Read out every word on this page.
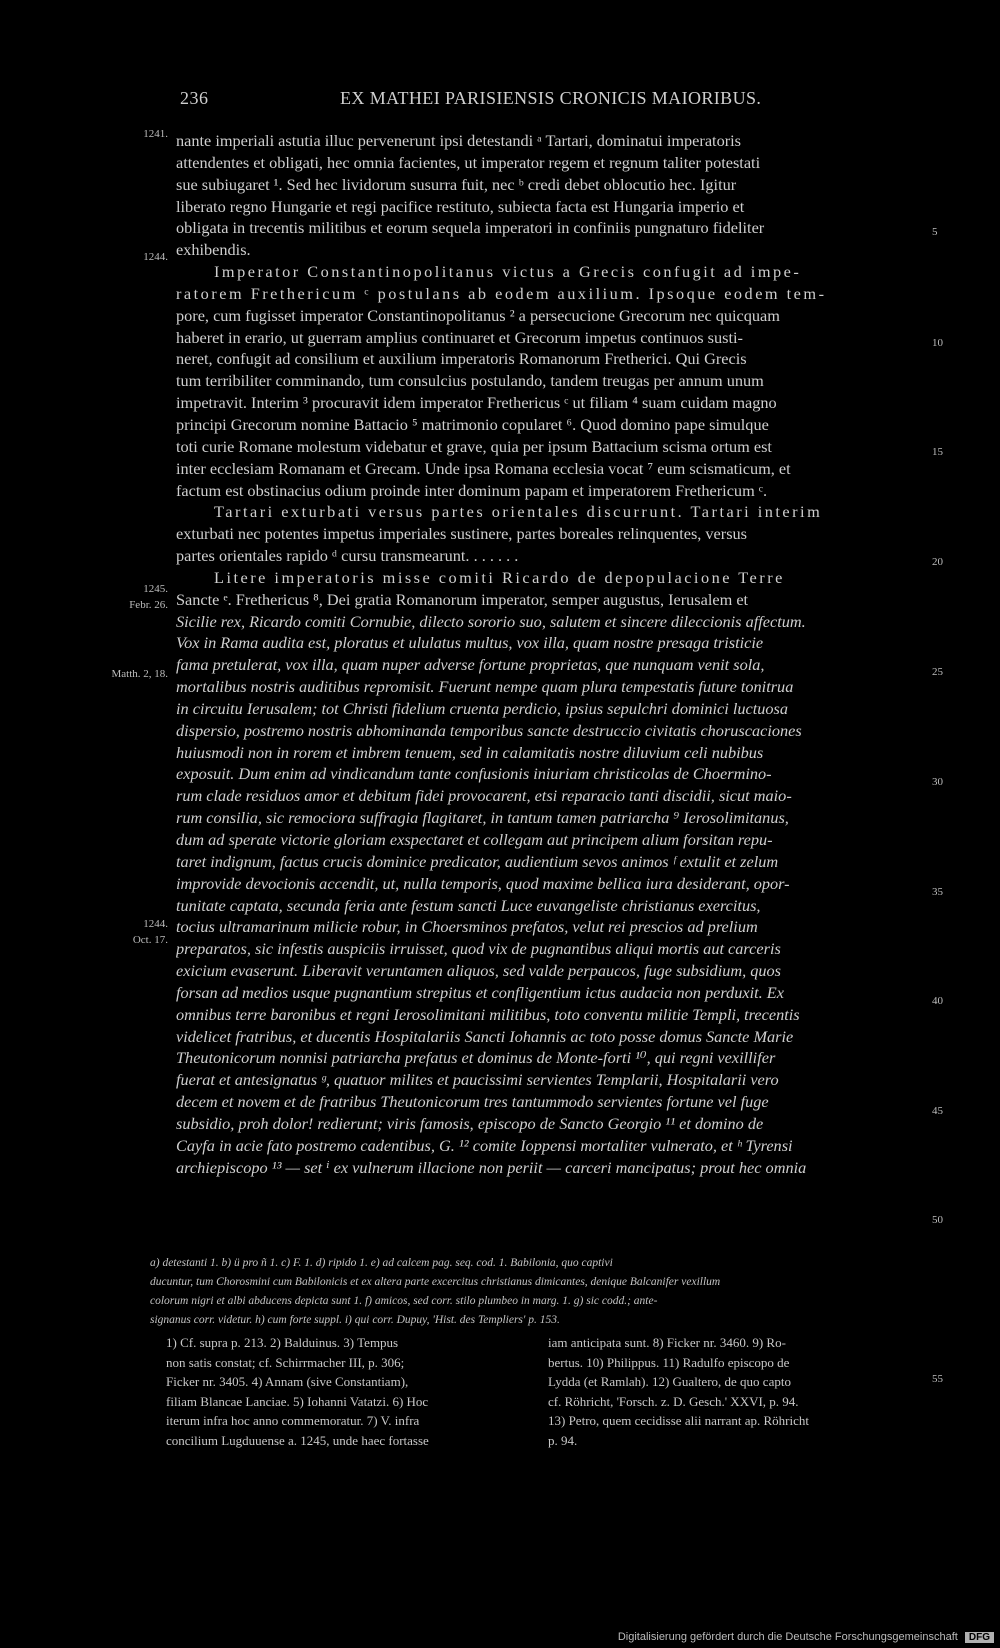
236	EX MATHEI PARISIENSIS CRONICIS MAIORIBUS.
1241.
1244.
1245.
Febr. 26.
Matth. 2, 18.
1244.
Oct. 17.
5
10
15
20
25
30
35
40
45
50
55
nante imperiali astutia illuc pervenerunt ipsi detestandi ᵃ Tartari, dominatui imperatoris
attendentes et obligati, hec omnia facientes, ut imperator regem et regnum taliter potestati
sue subiugaret ¹. Sed hec lividorum susurra fuit, nec ᵇ credi debet oblocutio hec. Igitur
liberato regno Hungarie et regi pacifice restituto, subiecta facta est Hungaria imperio et
obligata in trecentis militibus et eorum sequela imperatori in confiniis pungnaturo fideliter
exhibendis.
Imperator Constantinopolitanus victus a Grecis confugit ad impe-
ratorem Frethericum ᶜ postulans ab eodem auxilium. Ipsoque eodem tem-
pore, cum fugisset imperator Constantinopolitanus ² a persecucione Grecorum nec quicquam
haberet in erario, ut guerram amplius continuaret et Grecorum impetus continuos susti-
neret, confugit ad consilium et auxilium imperatoris Romanorum Fretherici. Qui Grecis
tum terribiliter comminando, tum consulcius postulando, tandem treugas per annum unum
impetravit. Interim ³ procuravit idem imperator Frethericus ᶜ ut filiam ⁴ suam cuidam magno
principi Grecorum nomine Battacio ⁵ matrimonio copularet ⁶. Quod domino pape simulque
toti curie Romane molestum videbatur et grave, quia per ipsum Battacium scisma ortum est
inter ecclesiam Romanam et Grecam. Unde ipsa Romana ecclesia vocat ⁷ eum scismaticum, et
factum est obstinacius odium proinde inter dominum papam et imperatorem Frethericum ᶜ.
Tartari exturbati versus partes orientales discurrunt. Tartari interim
exturbati nec potentes impetus imperiales sustinere, partes boreales relinquentes, versus
partes orientales rapido ᵈ cursu transmearunt. . . . . . .
Litere imperatoris misse comiti Ricardo de depopulacione Terre
Sancte ᵉ. Frethericus ⁸, Dei gratia Romanorum imperator, semper augustus, Ierusalem et
Sicilie rex, Ricardo comiti Cornubie, dilecto sororio suo, salutem et sincere dileccionis affectum.
Vox in Rama audita est, ploratus et ululatus multus, vox illa, quam nostre presaga tristicie
fama pretulerat, vox illa, quam nuper adverse fortune proprietas, que nunquam venit sola,
mortalibus nostris auditibus repromisit. Fuerunt nempe quam plura tempestatis future tonitrua
in circuitu Ierusalem; tot Christi fidelium cruenta perdicio, ipsius sepulchri dominici luctuosa
dispersio, postremo nostris abhominanda temporibus sancte destruccio civitatis choruscaciones
huiusmodi non in rorem et imbrem tenuem, sed in calamitatis nostre diluvium celi nubibus
exposuit. Dum enim ad vindicandum tante confusionis iniuriam christicolas de Choermino-
rum clade residuos amor et debitum fidei provocarent, etsi reparacio tanti discidii, sicut maio-
rum consilia, sic remociora suffragia flagitaret, in tantum tamen patriarcha ⁹ Ierosolimitanus,
dum ad sperate victorie gloriam exspectaret et collegam aut principem alium forsitan repu-
taret indignum, factus crucis dominice predicator, audientium sevos animos ᶠ extulit et zelum
improvide devocionis accendit, ut, nulla temporis, quod maxime bellica iura desiderant, opor-
tunitate captata, secunda feria ante festum sancti Luce euvangeliste christianus exercitus,
tocius ultramarinum milicie robur, in Choersminos prefatos, velut rei prescios ad prelium
preparatos, sic infestis auspiciis irruisset, quod vix de pugnantibus aliqui mortis aut carceris
exicium evaserunt. Liberavit veruntamen aliquos, sed valde perpaucos, fuge subsidium, quos
forsan ad medios usque pugnantium strepitus et confligentium ictus audacia non perduxit. Ex
omnibus terre baronibus et regni Ierosolimitani militibus, toto conventu militie Templi, trecentis
videlicet fratribus, et ducentis Hospitalariis Sancti Iohannis ac toto posse domus Sancte Marie
Theutonicorum nonnisi patriarcha prefatus et dominus de Monte-forti ¹⁰, qui regni vexillifer
fuerat et antesignatus ᵍ, quatuor milites et paucissimi servientes Templarii, Hospitalarii vero
decem et novem et de fratribus Theutonicorum tres tantummodo servientes fortune vel fuge
subsidio, proh dolor! redierunt; viris famosis, episcopo de Sancto Georgio ¹¹ et domino de
Cayfa in acie fato postremo cadentibus, G. ¹² comite Ioppensi mortaliter vulnerato, et ʰ Tyrensi
archiepiscopo ¹³ — set ⁱ ex vulnerum illacione non periit — carceri mancipatus; prout hec omnia
a) detestanti 1. b) ü pro ñ 1. c) F. 1. d) ripido 1. e) ad calcem pag. seq. cod. 1. Babilonia, quo captivi
ducuntur, tum Chorosmini cum Babilonicis et ex altera parte excercitus christianus dimicantes, denique Balcanifer vexillum
colorum nigri et albi abducens depicta sunt 1. f) amicos, sed corr. stilo plumbeo in marg. 1. g) sic codd.; ante-
signanus corr. videtur. h) cum forte suppl. i) qui corr. Dupuy, 'Hist. des Templiers' p. 153.
1) Cf. supra p. 213. 2) Balduinus. 3) Tempus
non satis constat; cf. Schirrmacher III, p. 306;
Ficker nr. 3405. 4) Annam (sive Constantiam),
filiam Blancae Lanciae. 5) Iohanni Vatatzi. 6) Hoc
iterum infra hoc anno commemoratur. 7) V. infra
concilium Lugduuense a. 1245, unde haec fortasse
iam anticipata sunt. 8) Ficker nr. 3460. 9) Ro-
bertus. 10) Philippus. 11) Radulfo episcopo de
Lydda (et Ramlah). 12) Gualtero, de quo capto
cf. Röhricht, 'Forsch. z. D. Gesch.' XXVI, p. 94.
13) Petro, quem cecidisse alii narrant ap. Röhricht
p. 94.
Digitalisierung gefördert durch die Deutsche Forschungsgemeinschaft DFG
